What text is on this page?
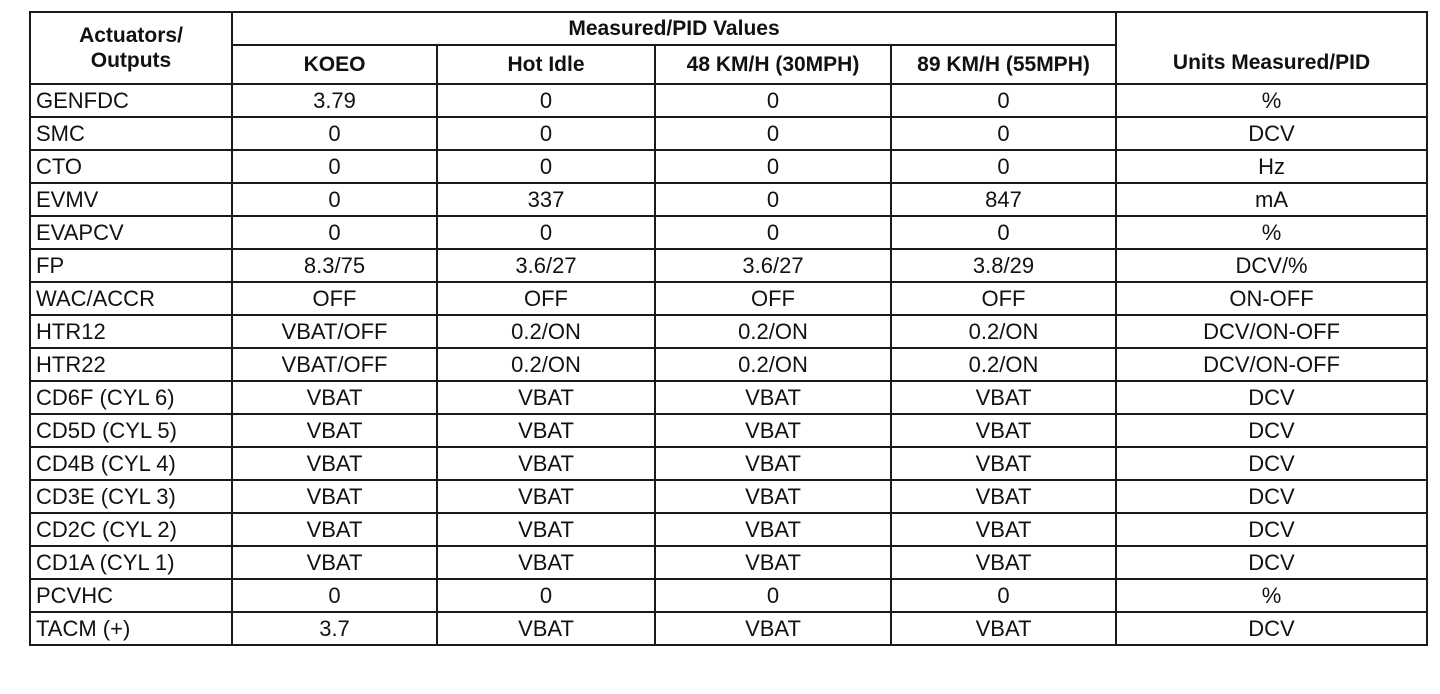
Actuators/
Outputs	Measured/PID Values				Units Measured/PID
	KOEO	Hot Idle	48 KM/H (30MPH)	89 KM/H (55MPH)	
GENFDC	3.79	0	0	0	%
SMC	0	0	0	0	DCV
CTO	0	0	0	0	Hz
EVMV	0	337	0	847	mA
EVAPCV	0	0	0	0	%
FP	8.3/75	3.6/27	3.6/27	3.8/29	DCV/%
WAC/ACCR	OFF	OFF	OFF	OFF	ON-OFF
HTR12	VBAT/OFF	0.2/ON	0.2/ON	0.2/ON	DCV/ON-OFF
HTR22	VBAT/OFF	0.2/ON	0.2/ON	0.2/ON	DCV/ON-OFF
CD6F (CYL 6)	VBAT	VBAT	VBAT	VBAT	DCV
CD5D (CYL 5)	VBAT	VBAT	VBAT	VBAT	DCV
CD4B (CYL 4)	VBAT	VBAT	VBAT	VBAT	DCV
CD3E (CYL 3)	VBAT	VBAT	VBAT	VBAT	DCV
CD2C (CYL 2)	VBAT	VBAT	VBAT	VBAT	DCV
CD1A (CYL 1)	VBAT	VBAT	VBAT	VBAT	DCV
PCVHC	0	0	0	0	%
TACM (+)	3.7	VBAT	VBAT	VBAT	DCV
